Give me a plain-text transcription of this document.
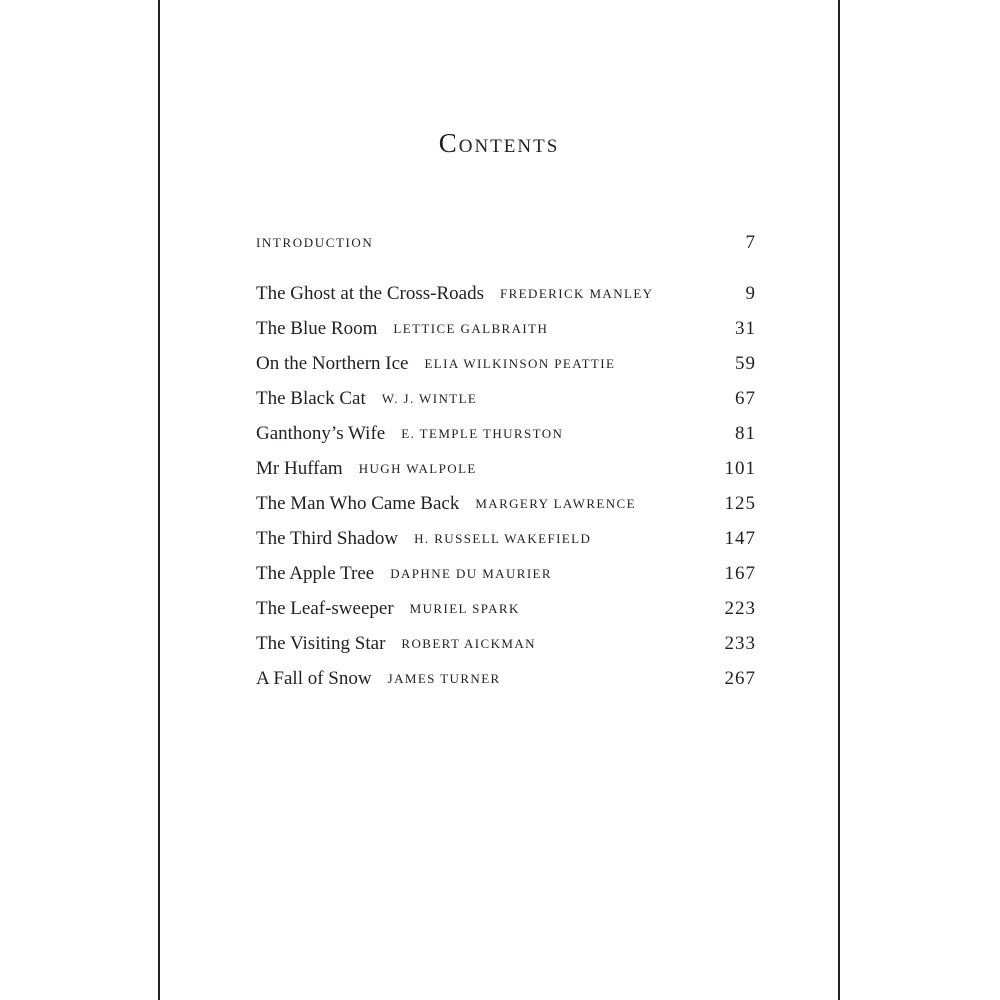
Contents
INTRODUCTION	7
The Ghost at the Cross-Roads FREDERICK MANLEY	9
The Blue Room LETTICE GALBRAITH	31
On the Northern Ice ELIA WILKINSON PEATTIE	59
The Black Cat W. J. WINTLE	67
Ganthony’s Wife E. TEMPLE THURSTON	81
Mr Huffam HUGH WALPOLE	101
The Man Who Came Back MARGERY LAWRENCE	125
The Third Shadow H. RUSSELL WAKEFIELD	147
The Apple Tree DAPHNE DU MAURIER	167
The Leaf-sweeper MURIEL SPARK	223
The Visiting Star ROBERT AICKMAN	233
A Fall of Snow JAMES TURNER	267
